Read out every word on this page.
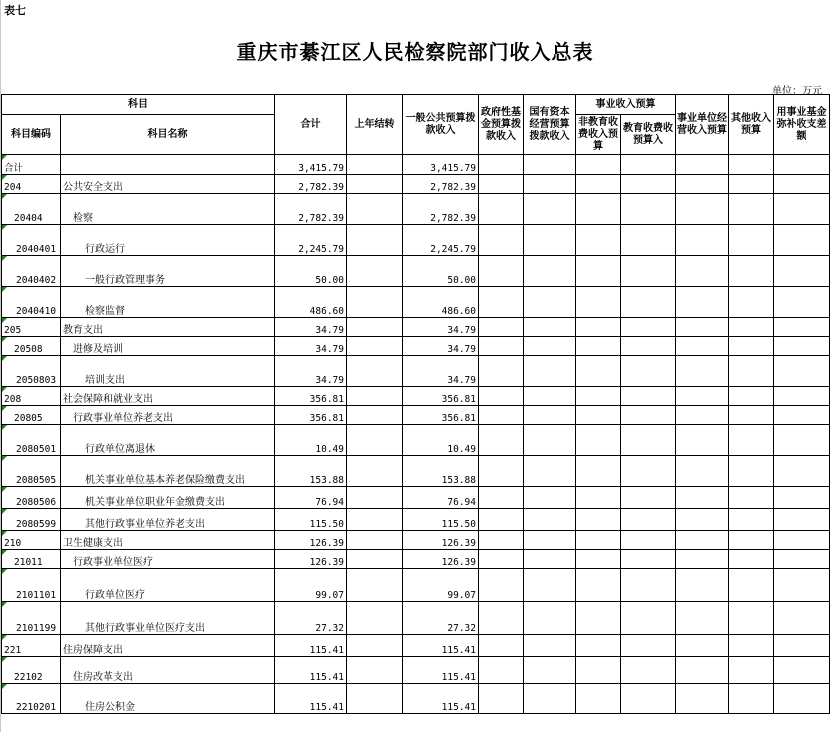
表七
重庆市綦江区人民检察院部门收入总表
单位：万元
科目		合计	上年结转	一般公共预算拨款收入	政府性基金预算拨款收入	国有资本经营预算拨款收入	事业收入预算		事业单位经营收入预算	其他收入预算	用事业基金弥补收支差额
科目编码	科目名称						非教育收费收入预算	教育收费收预算入			
合计		3,415.79		3,415.79							
204	公共安全支出	2,782.39		2,782.39							
20404	检察	2,782.39		2,782.39							
2040401	行政运行	2,245.79		2,245.79							
2040402	一般行政管理事务	50.00		50.00							
2040410	检察监督	486.60		486.60							
205	教育支出	34.79		34.79							
20508	进修及培训	34.79		34.79							
2050803	培训支出	34.79		34.79							
208	社会保障和就业支出	356.81		356.81							
20805	行政事业单位养老支出	356.81		356.81							
2080501	行政单位离退休	10.49		10.49							
2080505	机关事业单位基本养老保险缴费支出	153.88		153.88							
2080506	机关事业单位职业年金缴费支出	76.94		76.94							
2080599	其他行政事业单位养老支出	115.50		115.50							
210	卫生健康支出	126.39		126.39							
21011	行政事业单位医疗	126.39		126.39							
2101101	行政单位医疗	99.07		99.07							
2101199	其他行政事业单位医疗支出	27.32		27.32							
221	住房保障支出	115.41		115.41							
22102	住房改革支出	115.41		115.41							
2210201	住房公积金	115.41		115.41							
